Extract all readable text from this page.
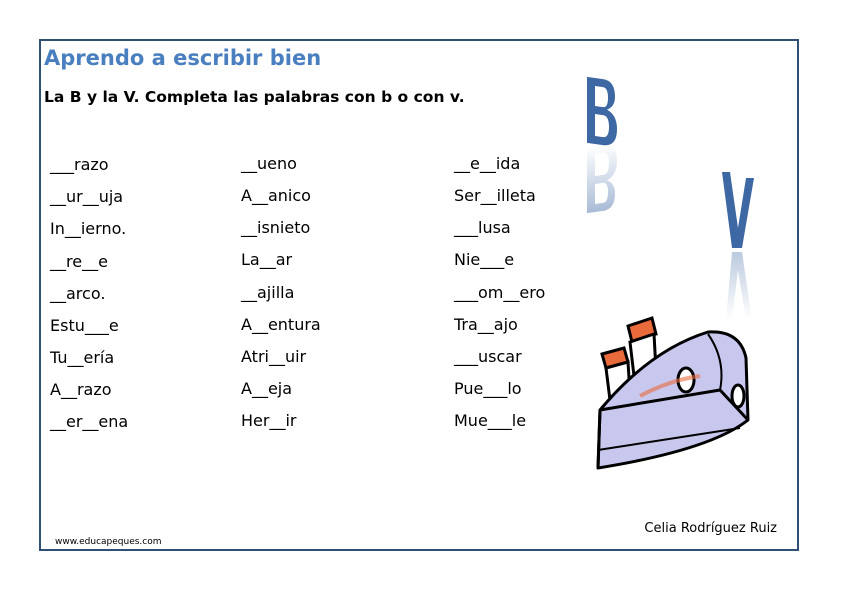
Aprendo a escribir bien
La B y la V. Completa las palabras con b o con v.
___razo
__ur__uja
In__ierno.
__re__e
__arco.
Estu___e
Tu__ería
A__razo
__er__ena
__ueno
A__anico
__isnieto
La__ar
__ajilla
A__entura
Atri__uir
A__eja
Her__ir
__e__ida
Ser__illeta
___lusa
Nie___e
___om__ero
Tra__ajo
___uscar
Pue___lo
Mue___le
Celia Rodríguez Ruiz
www.educapeques.com
